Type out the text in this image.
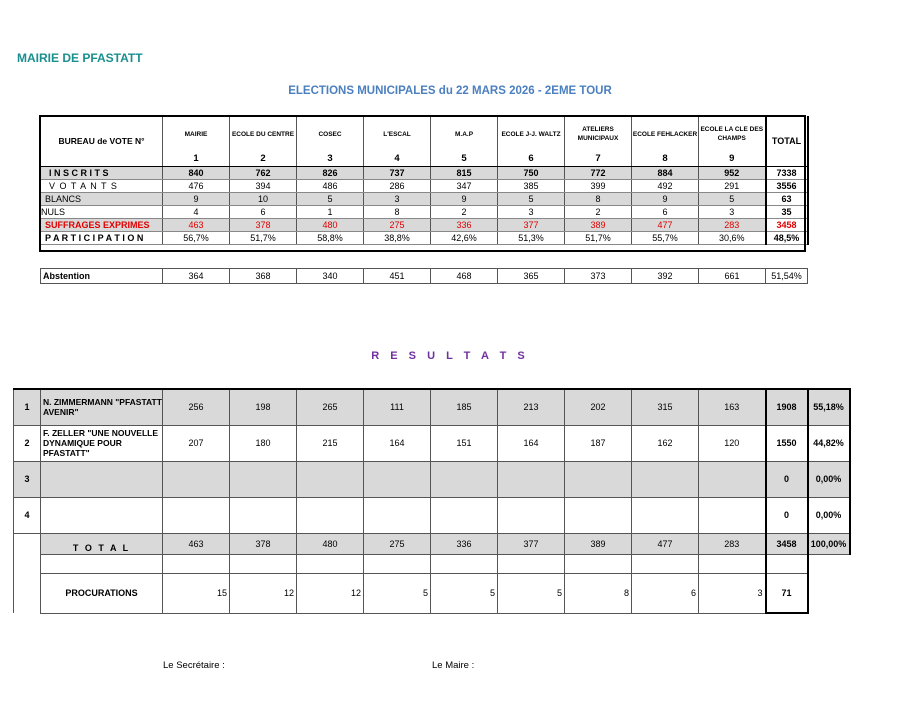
MAIRIE DE PFASTATT
ELECTIONS MUNICIPALES du 22 MARS 2026 - 2EME TOUR
BUREAU de VOTE N°	MAIRIE	ECOLE DU CENTRE	COSEC	L'ESCAL	M.A.P	ECOLE J-J. WALTZ	ATELIERS MUNICIPAUX	ECOLE FEHLACKER	ECOLE LA CLE DES CHAMPS	TOTAL
	1	2	3	4	5	6	7	8	9	
I N S C R I T S	840	762	826	737	815	750	772	884	952	7338
V O T A N T S	476	394	486	286	347	385	399	492	291	3556
BLANCS	9	10	5	3	9	5	8	9	5	63
NULS	4	6	1	8	2	3	2	6	3	35
SUFFRAGES EXPRIMES	463	378	480	275	336	377	389	477	283	3458
P A R T I C I P A T I O N	56,7%	51,7%	58,8%	38,8%	42,6%	51,3%	51,7%	55,7%	30,6%	48,5%
Abstention	364	368	340	451	468	365	373	392	661	51,54%
R E S U L T A T S
1	N. ZIMMERMANN "PFASTATT AVENIR"	256	198	265	111	185	213	202	315	163	1908	55,18%
2	F. ZELLER "UNE NOUVELLE DYNAMIQUE POUR PFASTATT"	207	180	215	164	151	164	187	162	120	1550	44,82%
3											0	0,00%
4											0	0,00%
	T O T A L	463	378	480	275	336	377	389	477	283	3458	100,00%

	PROCURATIONS	15	12	12	5	5	5	8	6	3	71	
Le Secrétaire :	Le Maire :
